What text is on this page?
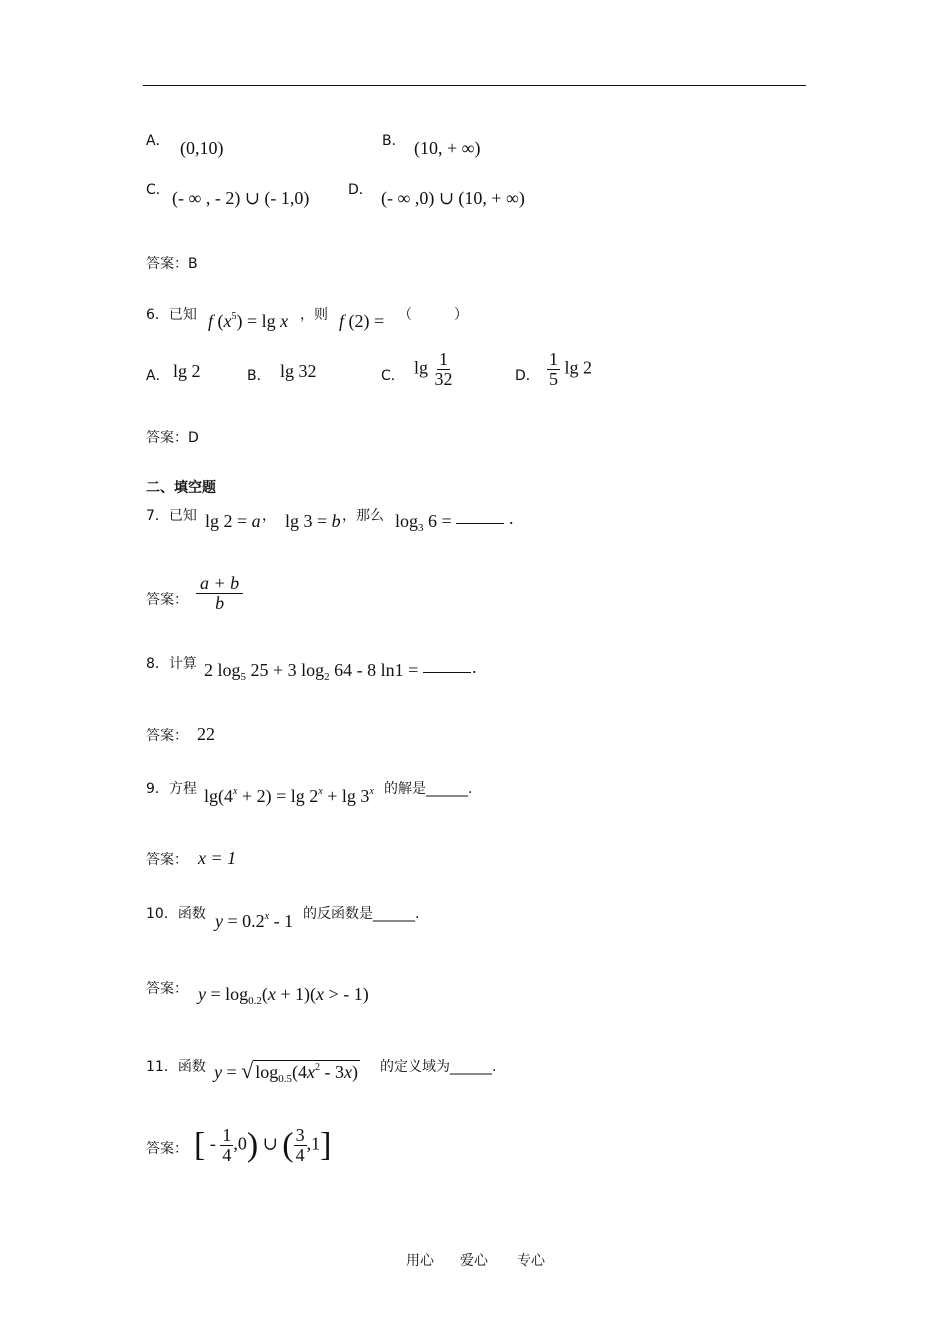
A． (0,10)	B． (10, + ∞)
C． (- ∞ , - 2) ∪ (- 1,0)	D． (- ∞ ,0) ∪ (10, + ∞)
答案：B
6．已知 f $(x^5) = \lg x$ ，则 f (2) = （　　　）
A． lg 2	B． lg 32	C． $\lg \frac{1}{32}$	D． $\frac{1}{5}$ lg 2
答案：D
二、填空题
7．已知 lg 2 = a ， lg 3 = b ，那么 $\log_3 6$ =	.
答案： $\frac{a + b}{b}$
8．计算 2 $\log_5 25 + 3$ $\log_2 64 - 8$ ln1 =	.
答案： 22
9．方程 $\lg(4^x + 2) = \lg 2^x + \lg 3^x$ 的解是______.
答案： x = 1
10．函数 $y = 0.2^x - 1$ 的反函数是______.
答案： $y = \log_{0.2}(x + 1)(x$ > - 1)
11．函数 y = √ $\log_{0.5}(4x^2 - 3x)$ 的定义域为______.
答案： [ - $\frac{1}{4} ,0$) ∪ ( $\frac{3}{4} ,1$]
用心 爱心 专心
